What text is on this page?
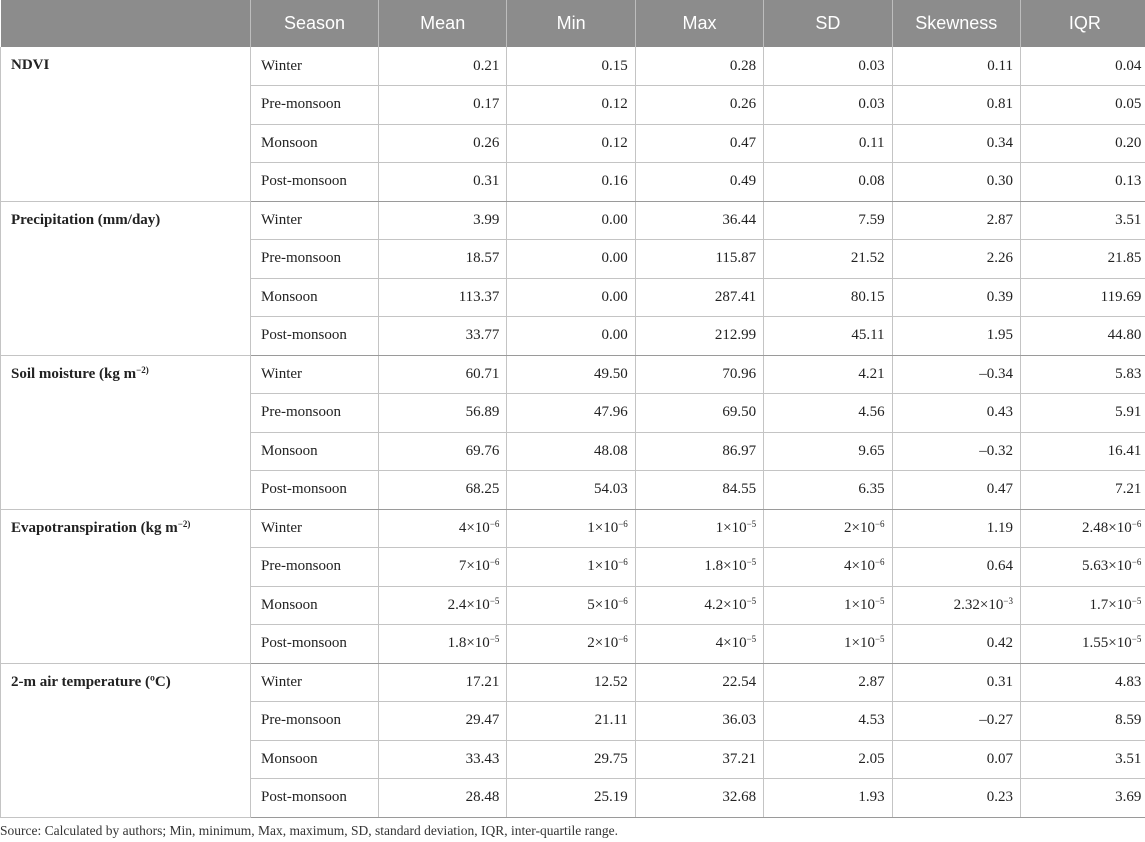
	Season	Mean	Min	Max	SD	Skewness	IQR
NDVI	Winter	0.21	0.15	0.28	0.03	0.11	0.04
	Pre-monsoon	0.17	0.12	0.26	0.03	0.81	0.05
	Monsoon	0.26	0.12	0.47	0.11	0.34	0.20
	Post-monsoon	0.31	0.16	0.49	0.08	0.30	0.13
Precipitation (mm/day)	Winter	3.99	0.00	36.44	7.59	2.87	3.51
	Pre-monsoon	18.57	0.00	115.87	21.52	2.26	21.85
	Monsoon	113.37	0.00	287.41	80.15	0.39	119.69
	Post-monsoon	33.77	0.00	212.99	45.11	1.95	44.80
Soil moisture (kg $m^{-2)}$	Winter	60.71	49.50	70.96	4.21	–0.34	5.83
	Pre-monsoon	56.89	47.96	69.50	4.56	0.43	5.91
	Monsoon	69.76	48.08	86.97	9.65	–0.32	16.41
	Post-monsoon	68.25	54.03	84.55	6.35	0.47	7.21
Evapotranspiration (kg $m^{-2)}$	Winter	$4\times 10^{-6}$	$1\times 10^{-6}$	$1\times 10^{-5}$	$2\times 10^{-6}$	1.19	$2.48\times 10^{-6}$
	Pre-monsoon	$7\times 10^{-6}$	$1\times 10^{-6}$	$1.8\times 10^{-5}$	$4\times 10^{-6}$	0.64	$5.63\times 10^{-6}$
	Monsoon	$2.4\times 10^{-5}$	$5\times 10^{-6}$	$4.2\times 10^{-5}$	$1\times 10^{-5}$	$2.32\times 10^{-3}$	$1.7\times 10^{-5}$
	Post-monsoon	$1.8\times 10^{-5}$	$2\times 10^{-6}$	$4\times 10^{-5}$	$1\times 10^{-5}$	0.42	$1.55\times 10^{-5}$
2-m air temperature (ºC)	Winter	17.21	12.52	22.54	2.87	0.31	4.83
	Pre-monsoon	29.47	21.11	36.03	4.53	–0.27	8.59
	Monsoon	33.43	29.75	37.21	2.05	0.07	3.51
	Post-monsoon	28.48	25.19	32.68	1.93	0.23	3.69
Source: Calculated by authors; Min, minimum, Max, maximum, SD, standard deviation, IQR, inter-quartile range.
